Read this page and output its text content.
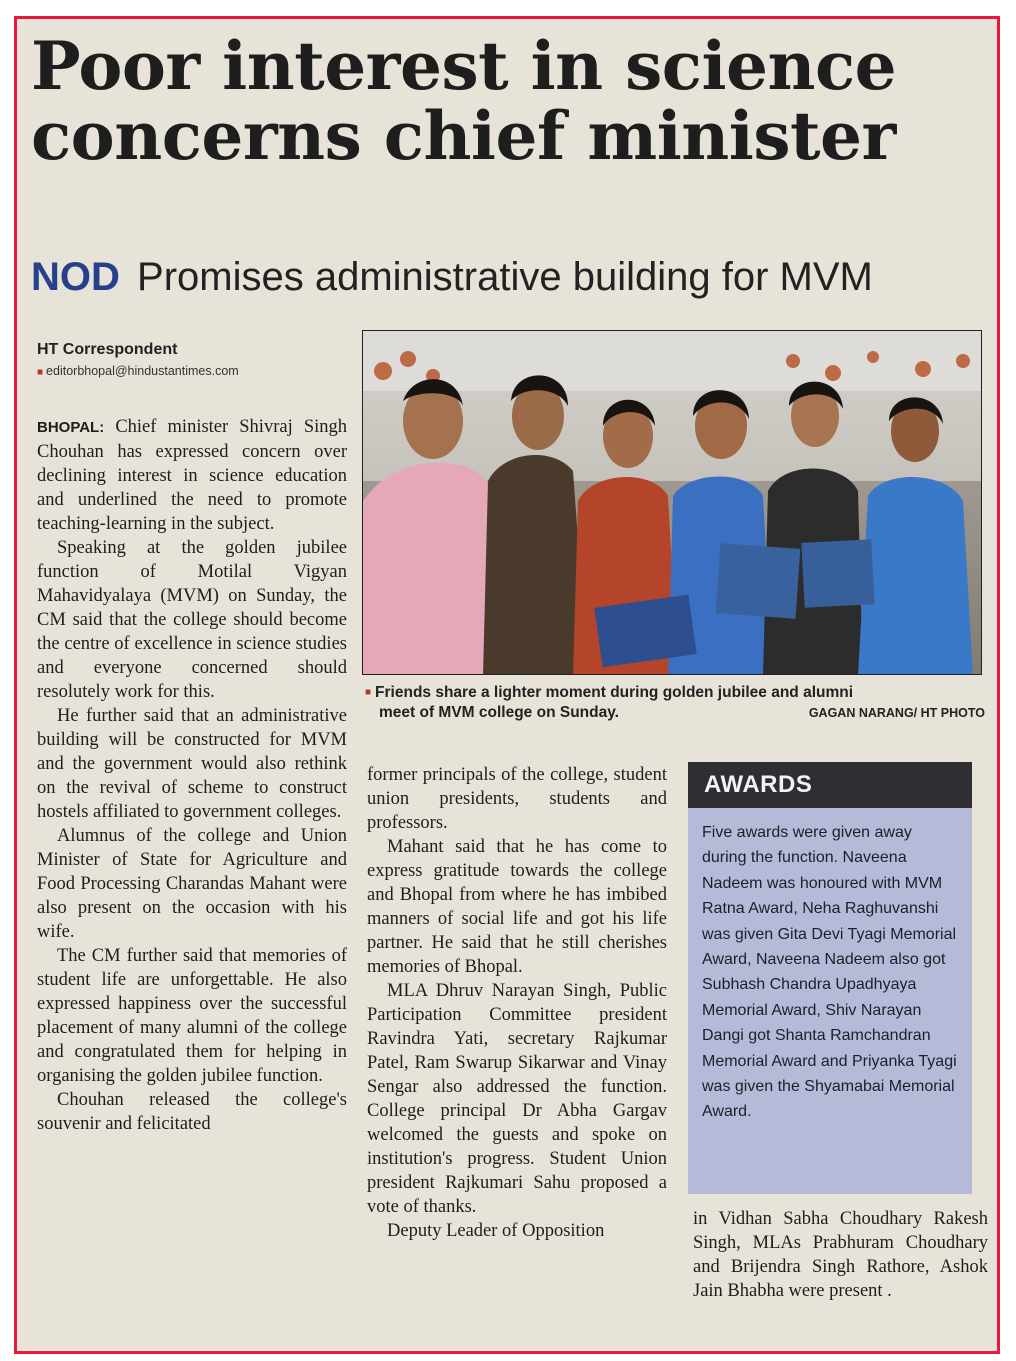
Poor interest in science
concerns chief minister
NOD Promises administrative building for MVM
HT Correspondent
■ editorbhopal@hindustantimes.com

BHOPAL: Chief minister Shivraj Singh Chouhan has expressed concern over declining interest in science education and underlined the need to promote teaching-learning in the subject.

Speaking at the golden jubilee function of Motilal Vigyan Mahavidyalaya (MVM) on Sunday, the CM said that the college should become the centre of excellence in science studies and everyone concerned should resolutely work for this.

He further said that an administrative building will be constructed for MVM and the government would also rethink on the revival of scheme to construct hostels affiliated to government colleges.

Alumnus of the college and Union Minister of State for Agriculture and Food Processing Charandas Mahant were also present on the occasion with his wife.

The CM further said that memories of student life are unforgettable. He also expressed happiness over the successful placement of many alumni of the college and congratulated them for helping in organising the golden jubilee function.

Chouhan released the college's souvenir and felicitated

■ Friends share a lighter moment during golden jubilee and alumni
meet of MVM college on Sunday.	GAGAN NARANG/ HT PHOTO

former principals of the college, student union presidents, students and professors.

Mahant said that he has come to express gratitude towards the college and Bhopal from where he has imbibed manners of social life and got his life partner. He said that he still cherishes memories of Bhopal.

MLA Dhruv Narayan Singh, Public Participation Committee president Ravindra Yati, secretary Rajkumar Patel, Ram Swarup Sikarwar and Vinay Sengar also addressed the function. College principal Dr Abha Gargav welcomed the guests and spoke on institution's progress. Student Union president Rajkumari Sahu proposed a vote of thanks.

Deputy Leader of Opposition

AWARDS
Five awards were given away during the function. Naveena Nadeem was honoured with MVM Ratna Award, Neha Raghuvanshi was given Gita Devi Tyagi Memorial Award, Naveena Nadeem also got Subhash Chandra Upadhyaya Memorial Award, Shiv Narayan Dangi got Shanta Ramchandran Memorial Award and Priyanka Tyagi was given the Shyamabai Memorial Award.

in Vidhan Sabha Choudhary Rakesh Singh, MLAs Prabhuram Choudhary and Brijendra Singh Rathore, Ashok Jain Bhabha were present .
